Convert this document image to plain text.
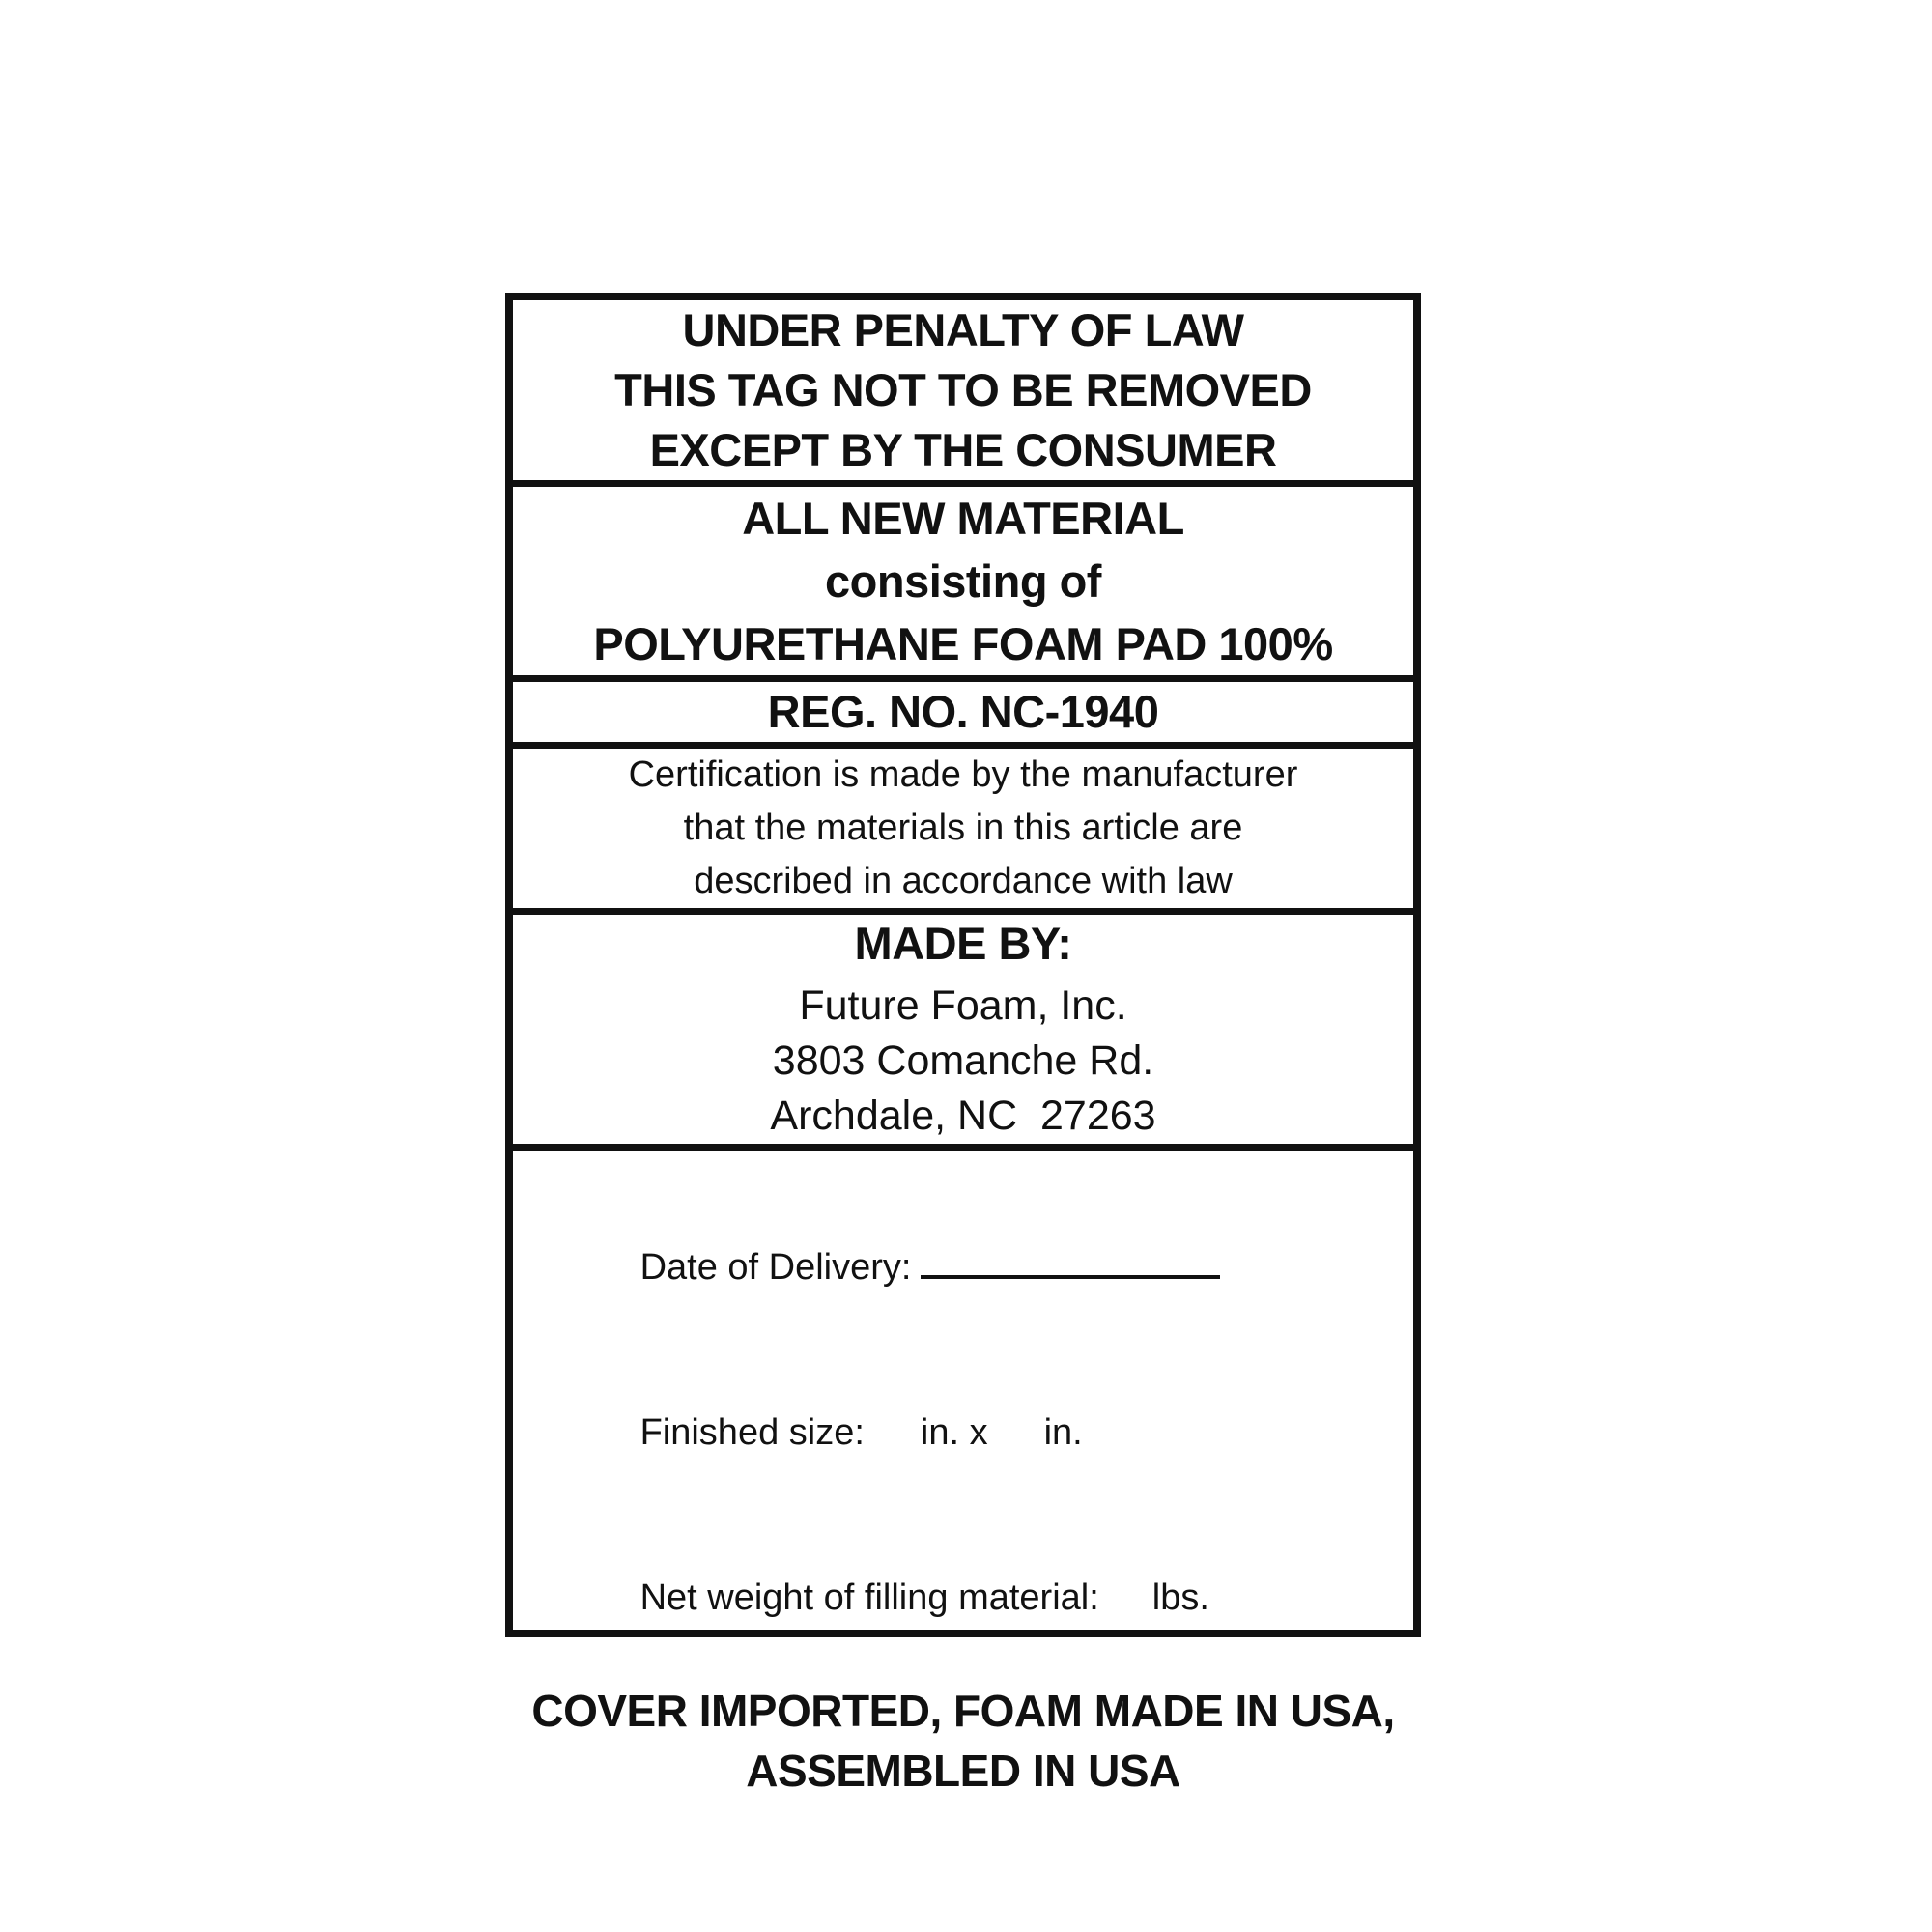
UNDER PENALTY OF LAW
THIS TAG NOT TO BE REMOVED
EXCEPT BY THE CONSUMER
ALL NEW MATERIAL
consisting of
POLYURETHANE FOAM PAD 100%
REG. NO. NC-1940
Certification is made by the manufacturer
that the materials in this article are
described in accordance with law
MADE BY:
Future Foam, Inc.
3803 Comanche Rd.
Archdale, NC  27263

Date of Delivery:

Finished size: in. x in.

Net weight of filling material: lbs.

COVER IMPORTED, FOAM MADE IN USA,
ASSEMBLED IN USA
